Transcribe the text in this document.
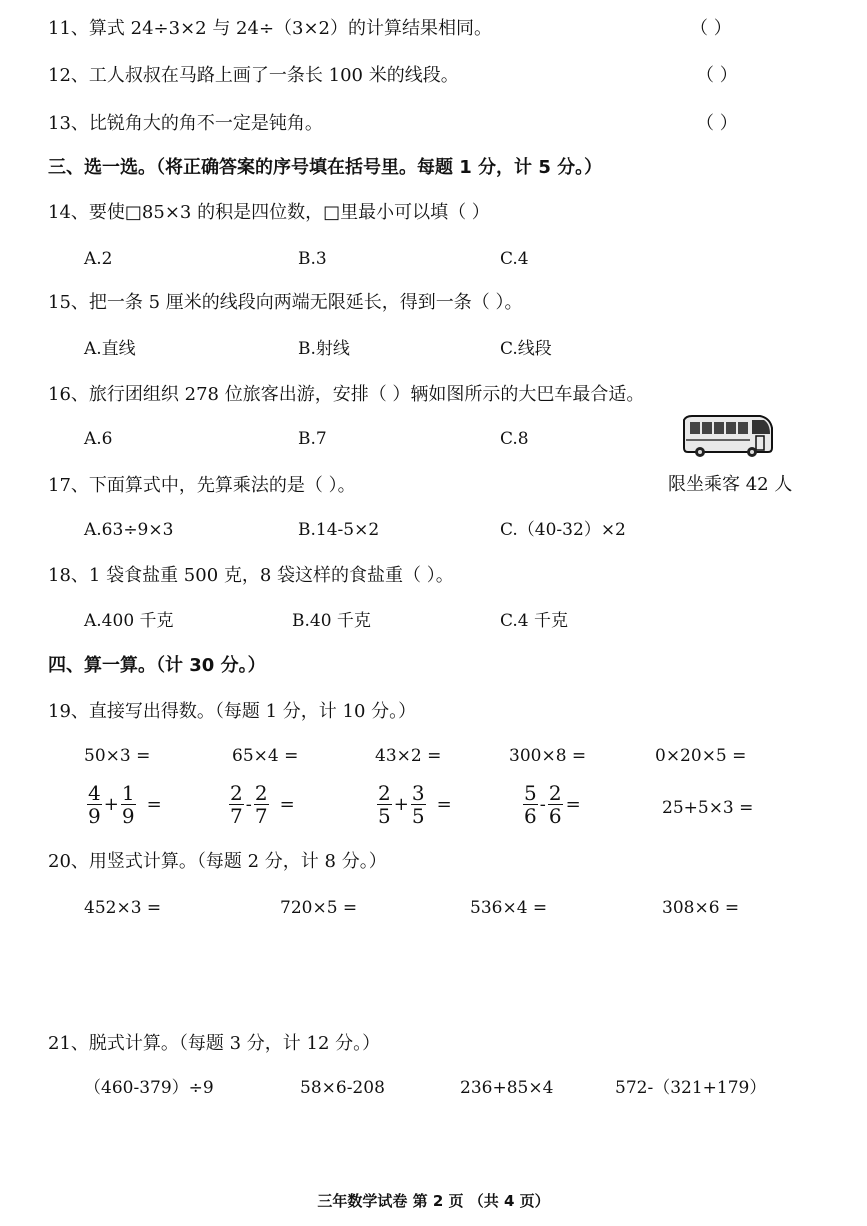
11、算式 24÷3×2 与 24÷（3×2）的计算结果相同。	（ ）
12、工人叔叔在马路上画了一条长 100 米的线段。	（ ）
13、比锐角大的角不一定是钝角。	（ ）
三、选一选。（将正确答案的序号填在括号里。每题 1 分，计 5 分。）
14、要使□85×3 的积是四位数，□里最小可以填（ ）
A.2	B.3	C.4
15、把一条 5 厘米的线段向两端无限延长，得到一条（ ）。
A.直线	B.射线	C.线段
16、旅行团组织 278 位旅客出游，安排（ ）辆如图所示的大巴车最合适。
A.6	B.7	C.8
限坐乘客 42 人
17、下面算式中，先算乘法的是（ ）。
A.63÷9×3	B.14-5×2	C.（40-32）×2
18、1 袋食盐重 500 克，8 袋这样的食盐重（ ）。
A.400 千克	B.40 千克	C.4 千克
四、算一算。（计 30 分。）
19、直接写出得数。（每题 1 分，计 10 分。）
50×3 =	65×4 =	43×2 =	300×8 =	0×20×5 =
$\frac{4}{9} + \frac{1}{9}$ =	$\frac{2}{7} - \frac{2}{7}$ =	$\frac{2}{5} + \frac{3}{5}$ =	$\frac{5}{6} - \frac{2}{6}$ =	25+5×3 =
20、用竖式计算。（每题 2 分，计 8 分。）
452×3 =	720×5 =	536×4 =	308×6 =
21、脱式计算。（每题 3 分，计 12 分。）
（460-379）÷9	58×6-208	236+85×4	572-（321+179）
三年数学试卷 第 2 页 （共 4 页）
